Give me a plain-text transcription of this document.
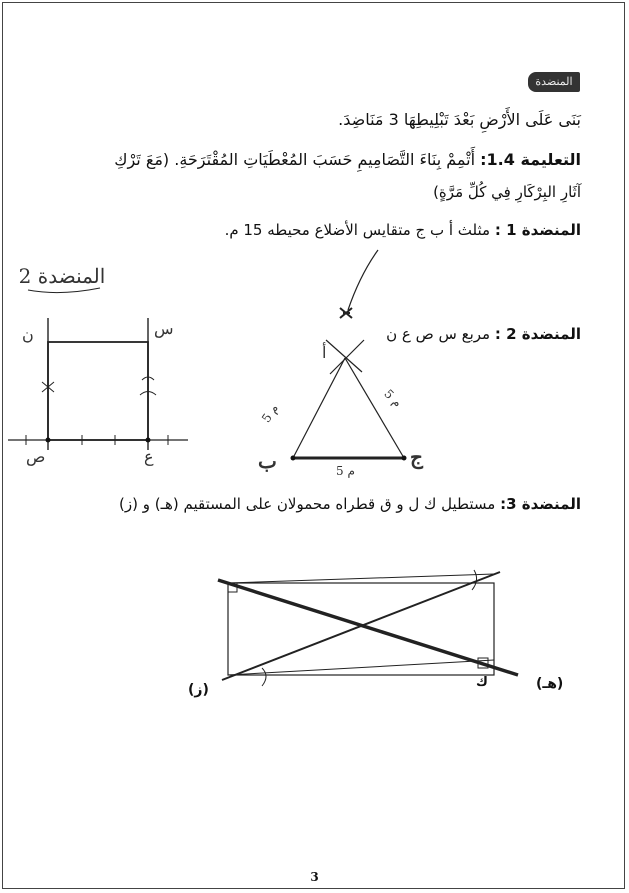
المنضدة
بَنَى عَلَى الأَرْضِ بَعْدَ تَبْلِيطِهَا 3 مَنَاضِدَ.
التعليمة 1.4: أَتْمِمْ بِنَاءَ التَّصَامِيمِ حَسَبَ المُعْطَيَاتِ المُقْتَرَحَةِ. (مَعَ تَرْكِ
آثَارِ البِرْكَارِ فِي كُلِّ مَرَّةٍ)
المنضدة 1 : مثلث أ ب ج متقايس الأضلاع محيطه 15 م.
المنضدة 2 : مربع س ص ع ن
المنضدة 3: مستطيل ك ل و ق قطراه محمولان على المستقيم (هـ) و (ز)
المنضدة 2
ن	س
ص	ع
أ
ب	ج
5 م
5 م
5 م
ك	(هـ)
(ز)
3
